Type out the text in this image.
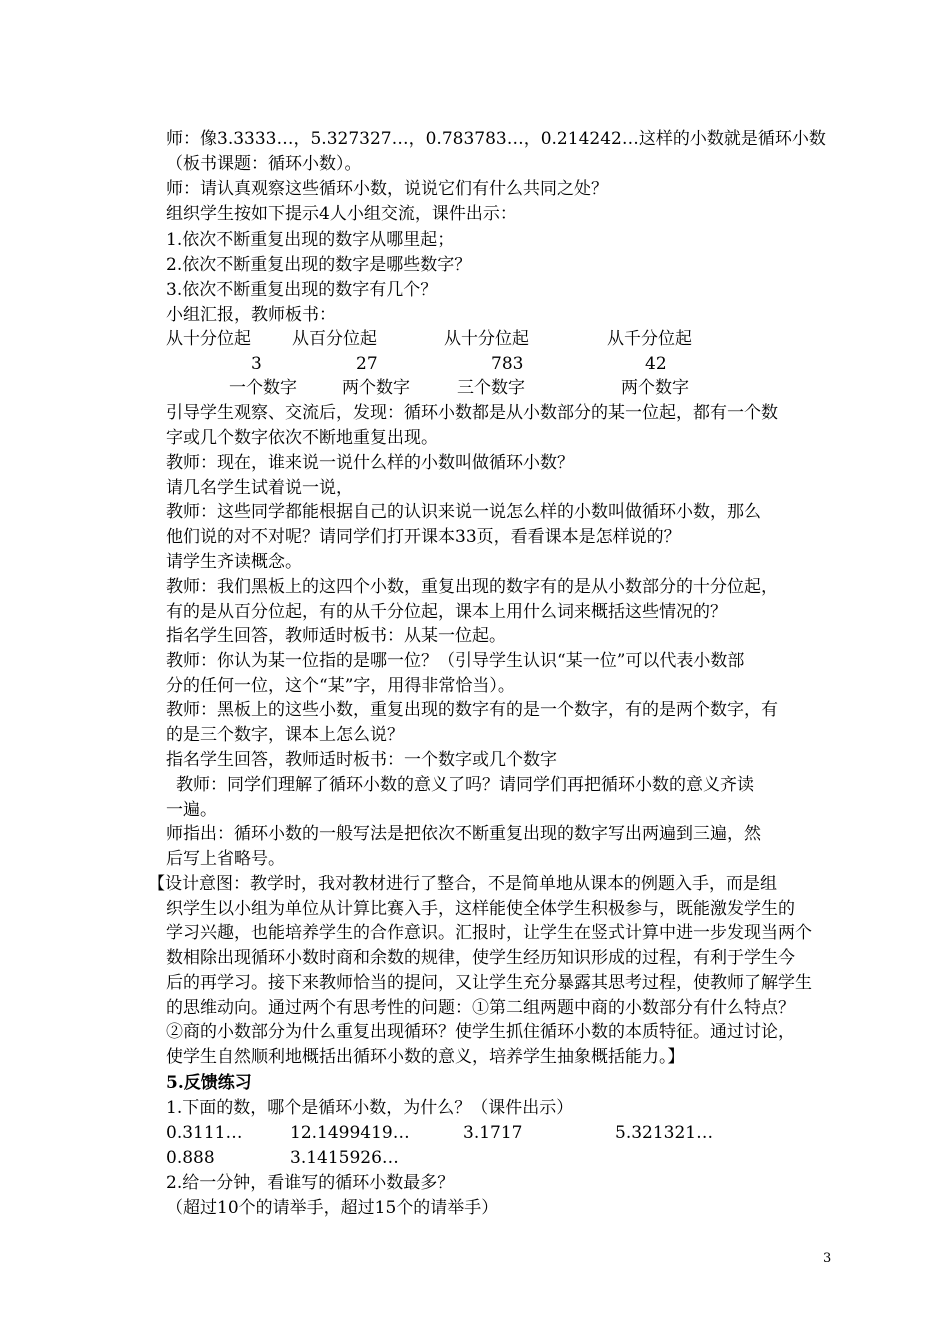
师：像3.3333…，5.327327…，0.783783…，0.214242…这样的小数就是循环小数
（板书课题：循环小数）。
师：请认真观察这些循环小数，说说它们有什么共同之处？
组织学生按如下提示4人小组交流，课件出示：
1.依次不断重复出现的数字从哪里起；
2.依次不断重复出现的数字是哪些数字？
3.依次不断重复出现的数字有几个？
小组汇报，教师板书：
从十分位起 从百分位起	从十分位起	从千分位起
3	27	783	42
一个数字	两个数字	三个数字	两个数字
引导学生观察、交流后，发现：循环小数都是从小数部分的某一位起，都有一个数
字或几个数字依次不断地重复出现。
教师：现在，谁来说一说什么样的小数叫做循环小数？
请几名学生试着说一说，
教师：这些同学都能根据自己的认识来说一说怎么样的小数叫做循环小数，那么
他们说的对不对呢？请同学们打开课本33页，看看课本是怎样说的？
请学生齐读概念。
教师：我们黑板上的这四个小数，重复出现的数字有的是从小数部分的十分位起，
有的是从百分位起，有的从千分位起，课本上用什么词来概括这些情况的？
指名学生回答，教师适时板书：从某一位起。
教师：你认为某一位指的是哪一位？（引导学生认识“某一位”可以代表小数部
分的任何一位，这个“某”字，用得非常恰当）。
教师：黑板上的这些小数，重复出现的数字有的是一个数字，有的是两个数字，有
的是三个数字，课本上怎么说？
指名学生回答，教师适时板书：一个数字或几个数字
教师：同学们理解了循环小数的意义了吗？请同学们再把循环小数的意义齐读
一遍。
师指出：循环小数的一般写法是把依次不断重复出现的数字写出两遍到三遍，然
后写上省略号。
【设计意图：教学时，我对教材进行了整合，不是简单地从课本的例题入手，而是组
织学生以小组为单位从计算比赛入手，这样能使全体学生积极参与，既能激发学生的
学习兴趣，也能培养学生的合作意识。汇报时，让学生在竖式计算中进一步发现当两个
数相除出现循环小数时商和余数的规律，使学生经历知识形成的过程，有利于学生今
后的再学习。接下来教师恰当的提问，又让学生充分暴露其思考过程，使教师了解学生
的思维动向。通过两个有思考性的问题：①第二组两题中商的小数部分有什么特点？
②商的小数部分为什么重复出现循环？使学生抓住循环小数的本质特征。通过讨论，
使学生自然顺利地概括出循环小数的意义，培养学生抽象概括能力。】
5.反馈练习
1.下面的数，哪个是循环小数，为什么？（课件出示）
0.3111…	12.1499419…	3.1717	5.321321…
0.888	3.1415926…
2.给一分钟，看谁写的循环小数最多？
（超过10个的请举手，超过15个的请举手）
3
